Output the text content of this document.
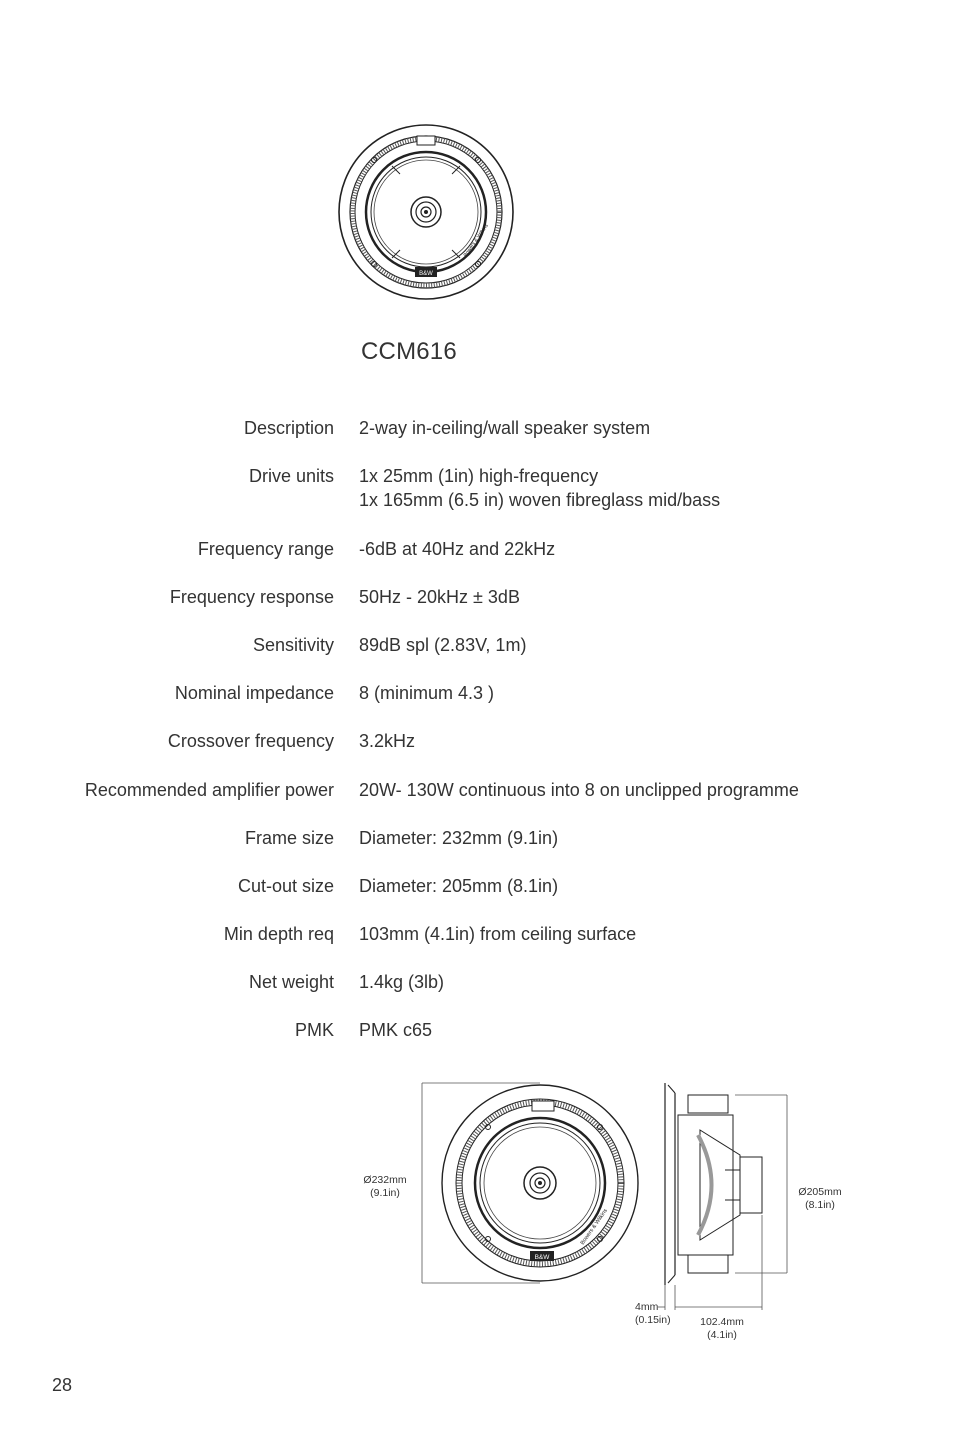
B&W
Bowers & Wilkins
CCM616
Description 2-way in-ceiling/wall speaker system
Drive units 1x 25mm (1in) high-frequency
1x 165mm (6.5 in) woven fibreglass mid/bass
Frequency range -6dB at 40Hz and 22kHz
Frequency response 50Hz - 20kHz ± 3dB
Sensitivity 89dB spl (2.83V, 1m)
Nominal impedance 8 (minimum 4.3 )
Crossover frequency 3.2kHz
Recommended amplifier power 20W- 130W continuous into 8 on unclipped programme
Frame size Diameter: 232mm (9.1in)
Cut-out size Diameter: 205mm (8.1in)
Min depth req 103mm (4.1in) from ceiling surface
Net weight 1.4kg (3lb)
PMK PMK c65
B&W
Bowers & Wilkins
Ø232mm
(9.1in)	Ø205mm
(8.1in)
4mm
(0.15in)	102.4mm
(4.1in)
28
